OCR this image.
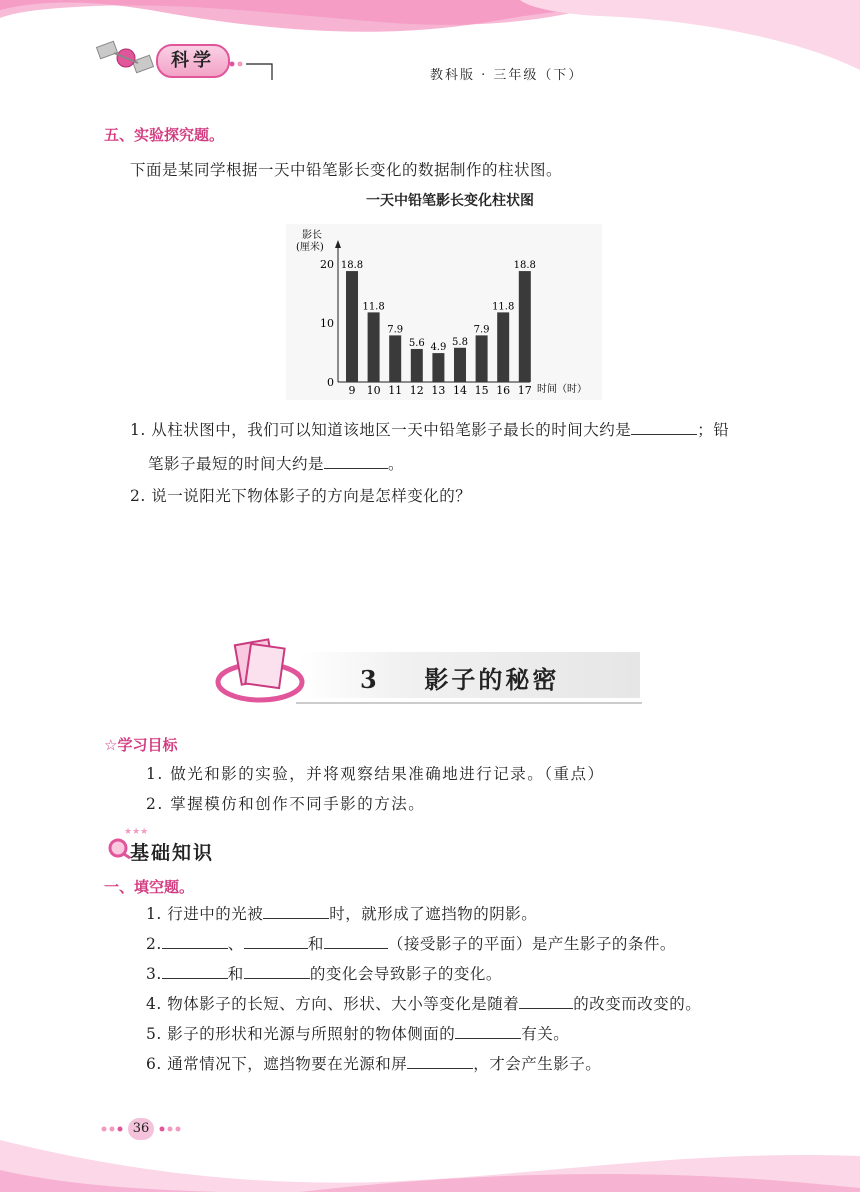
科学
教科版 · 三年级（下）
五、实验探究题。
下面是某同学根据一天中铅笔影长变化的数据制作的柱状图。
一天中铅笔影长变化柱状图
影长
(厘米)
0
10
20 18.8
11.8
7.9
5.6 4.9 5.8
7.9
11.8
18.8
9 10 11 12 13 14 15 16 17 时间（时）
1. 从柱状图中，我们可以知道该地区一天中铅笔影子最长的时间大约是	；铅
笔影子最短的时间大约是	。
2. 说一说阳光下物体影子的方向是怎样变化的？
3 影子的秘密
☆学习目标
1. 做光和影的实验，并将观察结果准确地进行记录。（重点）
2. 掌握模仿和创作不同手影的方法。
★★★
基础知识
一、填空题。
1. 行进中的光被	时，就形成了遮挡物的阴影。
2.	、	和	（接受影子的平面）是产生影子的条件。
3.	和	的变化会导致影子的变化。
4. 物体影子的长短、方向、形状、大小等变化是随着	的改变而改变的。
5. 影子的形状和光源与所照射的物体侧面的	有关。
6. 通常情况下，遮挡物要在光源和屏	，才会产生影子。
36
